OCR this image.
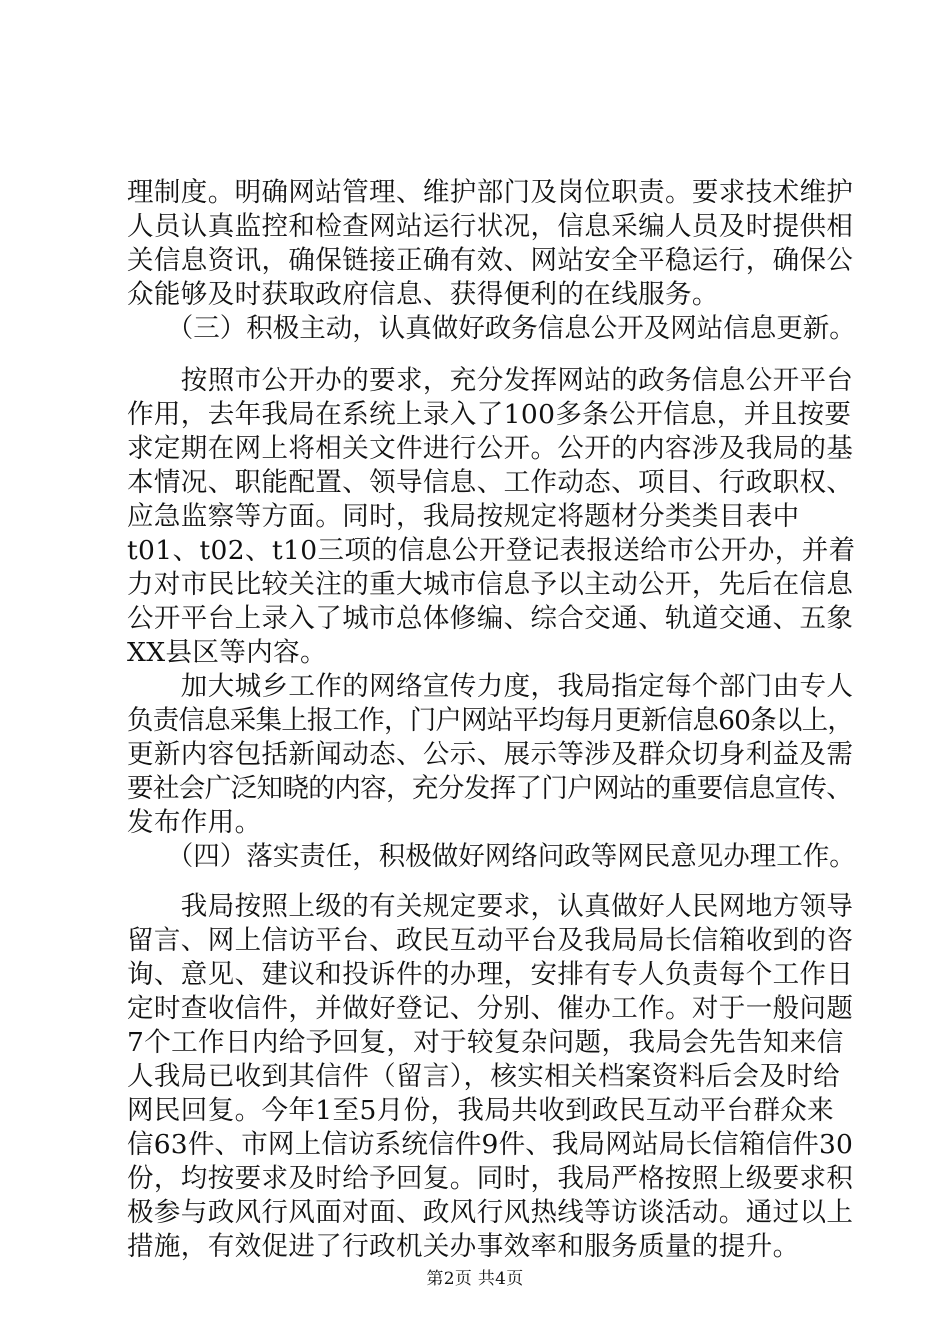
理制度。明确网站管理、维护部门及岗位职责。要求技术维护
人员认真监控和检查网站运行状况，信息采编人员及时提供相
关信息资讯，确保链接正确有效、网站安全平稳运行，确保公
众能够及时获取政府信息、获得便利的在线服务。
　　（三）积极主动，认真做好政务信息公开及网站信息更新。
　　按照市公开办的要求，充分发挥网站的政务信息公开平台
作用，去年我局在系统上录入了100多条公开信息，并且按要
求定期在网上将相关文件进行公开。公开的内容涉及我局的基
本情况、职能配置、领导信息、工作动态、项目、行政职权、
应急监察等方面。同时，我局按规定将题材分类类目表中
t01、t02、t10三项的信息公开登记表报送给市公开办，并着
力对市民比较关注的重大城市信息予以主动公开，先后在信息
公开平台上录入了城市总体修编、综合交通、轨道交通、五象
XX县区等内容。
　　加大城乡工作的网络宣传力度，我局指定每个部门由专人
负责信息采集上报工作，门户网站平均每月更新信息60条以上，
更新内容包括新闻动态、公示、展示等涉及群众切身利益及需
要社会广泛知晓的内容，充分发挥了门户网站的重要信息宣传、
发布作用。
　　（四）落实责任，积极做好网络问政等网民意见办理工作。
　　我局按照上级的有关规定要求，认真做好人民网地方领导
留言、网上信访平台、政民互动平台及我局局长信箱收到的咨
询、意见、建议和投诉件的办理，安排有专人负责每个工作日
定时查收信件，并做好登记、分别、催办工作。对于一般问题
7个工作日内给予回复，对于较复杂问题，我局会先告知来信
人我局已收到其信件（留言），核实相关档案资料后会及时给
网民回复。今年1至5月份，我局共收到政民互动平台群众来
信63件、市网上信访系统信件9件、我局网站局长信箱信件30
份，均按要求及时给予回复。同时，我局严格按照上级要求积
极参与政风行风面对面、政风行风热线等访谈活动。通过以上
措施，有效促进了行政机关办事效率和服务质量的提升。
第2页 共4页
